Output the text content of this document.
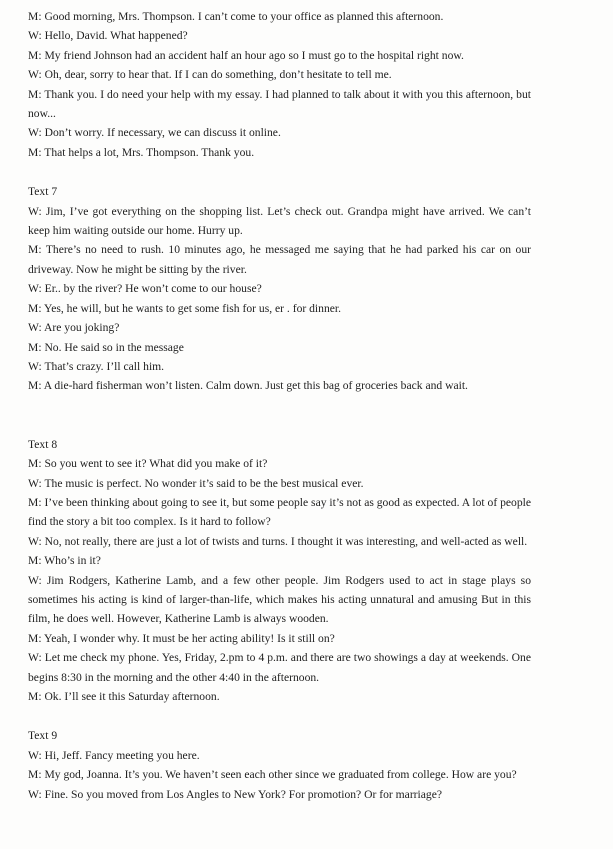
M: Good morning, Mrs. Thompson. I can’t come to your office as planned this afternoon.

W: Hello, David. What happened?

M: My friend Johnson had an accident half an hour ago so I must go to the hospital right now.

W: Oh, dear, sorry to hear that. If I can do something, don’t hesitate to tell me.

M: Thank you. I do need your help with my essay. I had planned to talk about it with you this afternoon, but now...

W: Don’t worry. If necessary, we can discuss it online.

M: That helps a lot, Mrs. Thompson. Thank you.

Text 7

W: Jim, I’ve got everything on the shopping list. Let’s check out. Grandpa might have arrived. We can’t keep him waiting outside our home. Hurry up.

M: There’s no need to rush. 10 minutes ago, he messaged me saying that he had parked his car on our driveway. Now he might be sitting by the river.

W: Er.. by the river? He won’t come to our house?

M: Yes, he will, but he wants to get some fish for us, er . for dinner.

W: Are you joking?

M: No. He said so in the message

W: That’s crazy. I’ll call him.

M: A die-hard fisherman won’t listen. Calm down. Just get this bag of groceries back and wait.

Text 8

M: So you went to see it? What did you make of it?

W: The music is perfect. No wonder it’s said to be the best musical ever.

M: I’ve been thinking about going to see it, but some people say it’s not as good as expected. A lot of people find the story a bit too complex. Is it hard to follow?

W: No, not really, there are just a lot of twists and turns. I thought it was interesting, and well-acted as well.

M: Who’s in it?

W: Jim Rodgers, Katherine Lamb, and a few other people. Jim Rodgers used to act in stage plays so sometimes his acting is kind of larger-than-life, which makes his acting unnatural and amusing But in this film, he does well. However, Katherine Lamb is always wooden.

M: Yeah, I wonder why. It must be her acting ability! Is it still on?

W: Let me check my phone. Yes, Friday, 2.pm to 4 p.m. and there are two showings a day at weekends. One begins 8:30 in the morning and the other 4:40 in the afternoon.

M: Ok. I’ll see it this Saturday afternoon.

Text 9

W: Hi, Jeff. Fancy meeting you here.

M: My god, Joanna. It’s you. We haven’t seen each other since we graduated from college. How are you?

W: Fine. So you moved from Los Angles to New York? For promotion? Or for marriage?
